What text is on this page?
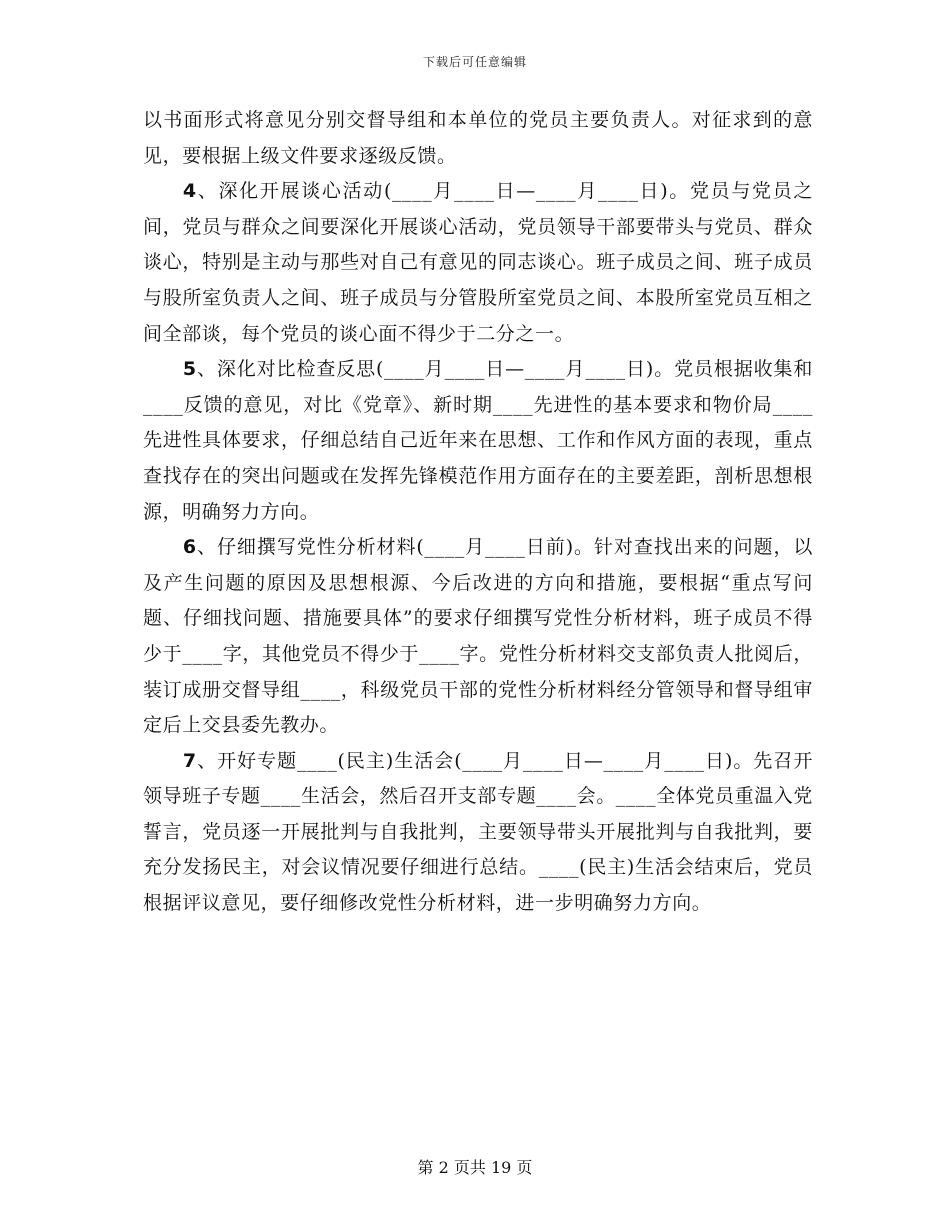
下载后可任意编辑

以书面形式将意见分别交督导组和本单位的党员主要负责人。对征求到的意见，要根据上级文件要求逐级反馈。

4、深化开展谈心活动(____月____日—____月____日)。党员与党员之间，党员与群众之间要深化开展谈心活动，党员领导干部要带头与党员、群众谈心，特别是主动与那些对自己有意见的同志谈心。班子成员之间、班子成员与股所室负责人之间、班子成员与分管股所室党员之间、本股所室党员互相之间全部谈，每个党员的谈心面不得少于二分之一。

5、深化对比检查反思(____月____日—____月____日)。党员根据收集和____反馈的意见，对比《党章》、新时期____先进性的基本要求和物价局____先进性具体要求，仔细总结自己近年来在思想、工作和作风方面的表现，重点查找存在的突出问题或在发挥先锋模范作用方面存在的主要差距，剖析思想根源，明确努力方向。

6、仔细撰写党性分析材料(____月____日前)。针对查找出来的问题，以及产生问题的原因及思想根源、今后改进的方向和措施，要根据“重点写问题、仔细找问题、措施要具体”的要求仔细撰写党性分析材料，班子成员不得少于____字，其他党员不得少于____字。党性分析材料交支部负责人批阅后，装订成册交督导组____，科级党员干部的党性分析材料经分管领导和督导组审定后上交县委先教办。

7、开好专题____(民主)生活会(____月____日—____月____日)。先召开领导班子专题____生活会，然后召开支部专题____会。____全体党员重温入党誓言，党员逐一开展批判与自我批判，主要领导带头开展批判与自我批判，要充分发扬民主，对会议情况要仔细进行总结。____(民主)生活会结束后，党员根据评议意见，要仔细修改党性分析材料，进一步明确努力方向。

第 2 页共 19 页
